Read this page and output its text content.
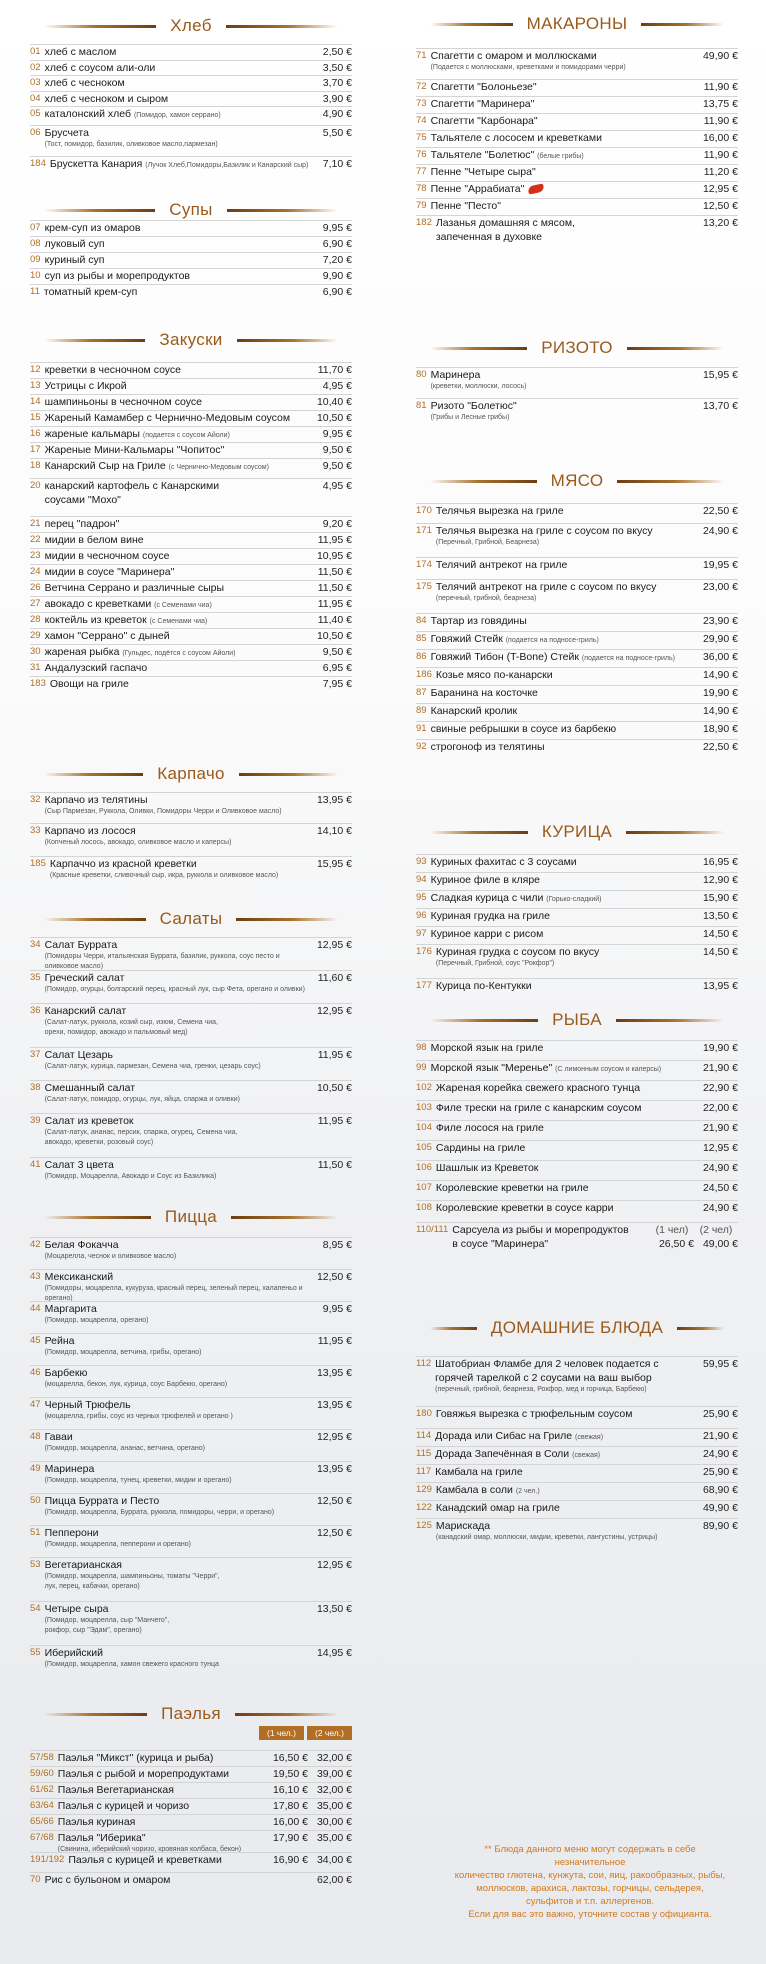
Хлеб
01 хлеб с маслом	2,50 €
02 хлеб с соусом али-оли	3,50 €
03 хлеб с чесноком	3,70 €
04 хлеб с чесноком и сыром	3,90 €
05 каталонский хлеб (Помидор, хамон серрано)	4,90 €
06 Брусчета
(Тост, помидор, базилик, оливковое масло,пармезан)
5,50 €
184 Брускетта Канария (Лучок Хлеб,Помидоры,Базилик и Канарский сыр)	7,10 €
Супы
07 крем-суп из омаров	9,95 €
08 луковый суп	6,90 €
09 куриный суп	7,20 €
10 суп из рыбы и морепродуктов	9,90 €
11 томатный крем-суп	6,90 €
Закуски
12 креветки в чесночном соусе	11,70 €
13 Устрицы с Икрой	4,95 €
14 шампиньоны в чесночном соусе	10,40 €
15 Жареный Камамбер с Чернично-Медовым соусом	10,50 €
16 жареные кальмары (подается с соусом Айоли)	9,95 €
17 Жареные Мини-Кальмары "Чопитос"	9,50 €
18 Канарский Сыр на Гриле (с Чернично-Медовым соусом)	9,50 €
20 канарский картофель с Канарскими
соусами "Мохо"
4,95 €
21 перец "падрон"	9,20 €
22 мидии в белом вине	11,95 €
23 мидии в чесночном соусе	10,95 €
24 мидии в соусе "Маринера"	11,50 €
26 Ветчина Серрано и различные сыры	11,50 €
27 авокадо с креветками (с Семенами чиа)	11,95 €
28 коктейль из креветок (с Семенами чиа)	11,40 €
29 хамон "Серрано" с дыней	10,50 €
30 жареная рыбка (Гульдес, подётся с соусом Айоли)	9,50 €
31 Андалузский гаспачо	6,95 €
183 Овощи на гриле	7,95 €
Карпачо
32 Карпачо из телятины
(Сыр Пармезан, Руккола, Оливки, Помидоры Черри и Оливковое масло)
13,95 €
33 Карпачо из лосося
(Копченый лосось, авокадо, оливковое масло и каперсы)
14,10 €
185 Карпаччо из красной креветки
(Красные креветки, сливочный сыр, икра, руккола и оливковое масло)
15,95 €
Салаты
34 Салат Буррата
(Помидоры Черри, итальянская Буррата, базилик, руккола, соус песто и оливковое масло)
12,95 €
35 Греческий салат
(Помидор, огурцы, болгарский перец, красный лук, сыр Фета, орегано и оливки)
11,60 €
36 Канарский салат
(Салат-латук, руккола, козий сыр, изюм, Семена чиа,
орехи, помидор, авокадо и пальмовый мед)
12,95 €
37 Салат Цезарь
(Салат-латук, курица, пармезан, Семена чиа, гренки, цезарь соус)
11,95 €
38 Смешанный салат
(Салат-латук, помидор, огурцы, лук, яйца, спаржа и оливки)
10,50 €
39 Салат из креветок
(Салат-латук, ананас, персик, спаржа, огурец, Семена чиа,
авокадо, креветки, розовый соус)
11,95 €
41 Салат 3 цвета
(Помидор, Моцарелла, Авокадо и Соус из Базилика)
11,50 €
Пицца
42 Белая Фокачча
(Моцарелла, чеснок и оливковое масло)
8,95 €
43 Мексиканский
(Помидоры, моцарелла, кукуруза, красный перец, зеленый перец, халапеньо и орегано)
12,50 €
44 Маргарита
(Помидор, моцарелла, орегано)
9,95 €
45 Рейна
(Помидор, моцарелла, ветчина, грибы, орегано)
11,95 €
46 Барбекю
(моцарелла, бекон, лук, курица, соус Барбекю, орегано)
13,95 €
47 Черный Трюфель
(моцарелла, грибы, соус из черных трюфелей и орегано )
13,95 €
48 Гаваи
(Помидор, моцарелла, ананас, ветчина, орегано)
12,95 €
49 Маринера
(Помидор, моцарелла, тунец, креветки, мидии и орегано)
13,95 €
50 Пицца Буррата и Песто
(Помидор, моцарелла, Буррата, руккола, помидоры, черри, и орегано)
12,50 €
51 Пепперони
(Помидор, моцарелла, пепперони и орегано)
12,50 €
53 Вегетарианская
(Помидор, моцарелла, шампиньоны, томаты "Черри",
лук, перец, кабачки, орегано)
12,95 €
54 Четыре сыра
(Помидор, моцарелла, сыр "Манчего",
рокфор, сыр "Эдам", орегано)
13,50 €
55 Иберийский
(Помидор, моцарелла, хамон свежего красного тунца
14,95 €
Паэлья
(1 чел.)	(2 чел.)
57/58 Паэлья "Микст" (курица и рыба)	16,50 € 32,00 €
59/60 Паэлья с рыбой и морепродуктами	19,50 € 39,00 €
61/62 Паэлья Вегетарианская	16,10 € 32,00 €
63/64 Паэлья с курицей и чоризо	17,80 € 35,00 €
65/66 Паэлья куриная	16,00 € 30,00 €
67/68 Паэлья "Иберика"
(Свинина, иберийский чоризо, кровяная колбаса, бекон)
17,90 € 35,00 €
191/192 Паэлья с курицей и креветками	16,90 € 34,00 €
70 Рис с бульоном и омаром	62,00 €
МАКАРОНЫ
71 Спагетти с омаром и моллюсками
(Подается с моллюсками, креветками и помидорами черри)
49,90 €
72 Спагетти "Болоньезе"	11,90 €
73 Спагетти "Маринера"	13,75 €
74 Спагетти "Карбонара"	11,90 €
75 Тальятеле с лососем и креветками	16,00 €
76 Тальятеле "Болетюс" (белые грибы)	11,90 €
77 Пенне "Четыре сыра"	11,20 €
78 Пенне "Аррабиата"	12,95 €
79 Пенне "Песто"	12,50 €
182 Лазанья домашняя с мясом,
запеченная в духовке
13,20 €
РИЗОТО
80 Маринера
(креветки, моллюски, лосось)
15,95 €
81 Ризото "Болетюс"
(Грибы и Лесные грибы)
13,70 €
МЯСО
170 Телячья вырезка на гриле	22,50 €
171 Телячья вырезка на гриле с соусом по вкусу
(Перечный, Грибной, Беарнеза)
24,90 €
174 Телячий антрекот на гриле	19,95 €
175 Телячий антрекот на гриле с соусом по вкусу
(перечный, грибной, беарнеза)
23,00 €
84 Тартар из говядины	23,90 €
85 Говяжий Стейк (подается на подносе-гриль)	29,90 €
86 Говяжий Тибон (T-Bone) Стейк (подается на подносе-гриль)	36,00 €
186 Козье мясо по-канарски	14,90 €
87 Баранина на косточке	19,90 €
89 Канарский кролик	14,90 €
91 свиные ребрышки в соусе из барбекю	18,90 €
92 строгонoф из телятины	22,50 €
КУРИЦА
93 Куриных фахитас с 3 соусами	16,95 €
94 Куриное филе в кляре	12,90 €
95 Сладкая курица с чили (Горько-сладкий)	15,90 €
96 Куриная грудка на гриле	13,50 €
97 Куриное карри с рисом	14,50 €
176 Куриная грудка с соусом по вкусу
(Перечный, Грибной, соус "Рокфор")
14,50 €
177 Курица по-Кентукки	13,95 €
РЫБА
98 Морской язык на гриле	19,90 €
99 Морской язык "Меренье" (С лимонным соусом и каперсы)	21,90 €
102 Жареная корейка свежего красного тунца	22,90 €
103 Филе трески на гриле с канарским соусом	22,00 €
104 Филе лосося на гриле	21,90 €
105 Сардины на гриле	12,95 €
106 Шашлык из Креветок	24,90 €
107 Королевские креветки на гриле	24,50 €
108 Королевские креветки в соусе карри	24,90 €
110/111 Сарсуела из рыбы и морепродуктов
в соусе "Маринера"
(1 чел)	(2 чел)
26,50 € 49,00 €
ДОМАШНИЕ БЛЮДА
112 Шатобриан Фламбе для 2 человек подается с
горячей тарелкой с 2 соусами на ваш выбор
(перечный, грибной, беарнеза, Рокфор, мед и горчица, Барбекю)
59,95 €
180 Говяжья вырезка с трюфельным соусом	25,90 €
114 Дорада или Сибас на Гриле (свежая)	21,90 €
115 Дорада Запечённая в Соли (свежая)	24,90 €
117 Камбала на гриле	25,90 €
129 Камбала в соли (2 чел.)	68,90 €
122 Канадский омар на гриле	49,90 €
125 Марискада
(канадский омар, моллюски, мидии, креветки, лангустины, устрицы)
89,90 €
** Блюда данного меню могут содержать в себе
незначительное
количество глютена, кунжута, сои, яиц, ракообразных, рыбы,
моллюсков, арахиса, лактозы, горчицы, сельдерея,
сульфитов и т.п. аллергенов.
Если для вас это важно, уточните состав у официанта.
